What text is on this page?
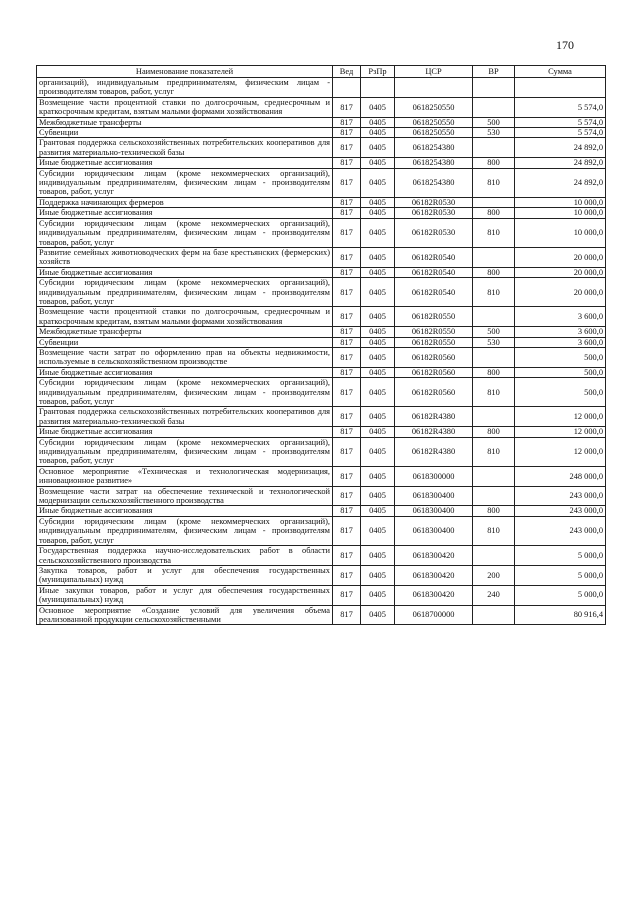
170
Наименование показателей	Вед	РзПр	ЦСР	ВР	Сумма
организаций), индивидуальным предпринимателям, физическим лицам - производителям товаров, работ, услуг					
Возмещение части процентной ставки по долгосрочным, среднесрочным и краткосрочным кредитам, взятым малыми формами хозяйствования	817	0405	0618250550		5 574,0
Межбюджетные трансферты	817	0405	0618250550	500	5 574,0
Субвенции	817	0405	0618250550	530	5 574,0
Грантовая поддержка сельскохозяйственных потребительских кооперативов для развития материально-технической базы	817	0405	0618254380		24 892,0
Иные бюджетные ассигнования	817	0405	0618254380	800	24 892,0
Субсидии юридическим лицам (кроме некоммерческих организаций), индивидуальным предпринимателям, физическим лицам - производителям товаров, работ, услуг	817	0405	0618254380	810	24 892,0
Поддержка начинающих фермеров	817	0405	06182R0530		10 000,0
Иные бюджетные ассигнования	817	0405	06182R0530	800	10 000,0
Субсидии юридическим лицам (кроме некоммерческих организаций), индивидуальным предпринимателям, физическим лицам - производителям товаров, работ, услуг	817	0405	06182R0530	810	10 000,0
Развитие семейных животноводческих ферм на базе крестьянских (фермерских) хозяйств	817	0405	06182R0540		20 000,0
Иные бюджетные ассигнования	817	0405	06182R0540	800	20 000,0
Субсидии юридическим лицам (кроме некоммерческих организаций), индивидуальным предпринимателям, физическим лицам - производителям товаров, работ, услуг	817	0405	06182R0540	810	20 000,0
Возмещение части процентной ставки по долгосрочным, среднесрочным и краткосрочным кредитам, взятым малыми формами хозяйствования	817	0405	06182R0550		3 600,0
Межбюджетные трансферты	817	0405	06182R0550	500	3 600,0
Субвенции	817	0405	06182R0550	530	3 600,0
Возмещение части затрат по оформлению прав на объекты недвижимости, используемые в сельскохозяйственном производстве	817	0405	06182R0560		500,0
Иные бюджетные ассигнования	817	0405	06182R0560	800	500,0
Субсидии юридическим лицам (кроме некоммерческих организаций), индивидуальным предпринимателям, физическим лицам - производителям товаров, работ, услуг	817	0405	06182R0560	810	500,0
Грантовая поддержка сельскохозяйственных потребительских кооперативов для развития материально-технической базы	817	0405	06182R4380		12 000,0
Иные бюджетные ассигнования	817	0405	06182R4380	800	12 000,0
Субсидии юридическим лицам (кроме некоммерческих организаций), индивидуальным предпринимателям, физическим лицам - производителям товаров, работ, услуг	817	0405	06182R4380	810	12 000,0
Основное мероприятие «Техническая и технологическая модернизация, инновационное развитие»	817	0405	0618300000		248 000,0
Возмещение части затрат на обеспечение технической и технологической модернизации сельскохозяйственного производства	817	0405	0618300400		243 000,0
Иные бюджетные ассигнования	817	0405	0618300400	800	243 000,0
Субсидии юридическим лицам (кроме некоммерческих организаций), индивидуальным предпринимателям, физическим лицам - производителям товаров, работ, услуг	817	0405	0618300400	810	243 000,0
Государственная поддержка научно-исследовательских работ в области сельскохозяйственного производства	817	0405	0618300420		5 000,0
Закупка товаров, работ и услуг для обеспечения государственных (муниципальных) нужд	817	0405	0618300420	200	5 000,0
Иные закупки товаров, работ и услуг для обеспечения государственных (муниципальных) нужд	817	0405	0618300420	240	5 000,0
Основное мероприятие «Создание условий для увеличения объема реализованной продукции сельскохозяйственными	817	0405	0618700000		80 916,4
